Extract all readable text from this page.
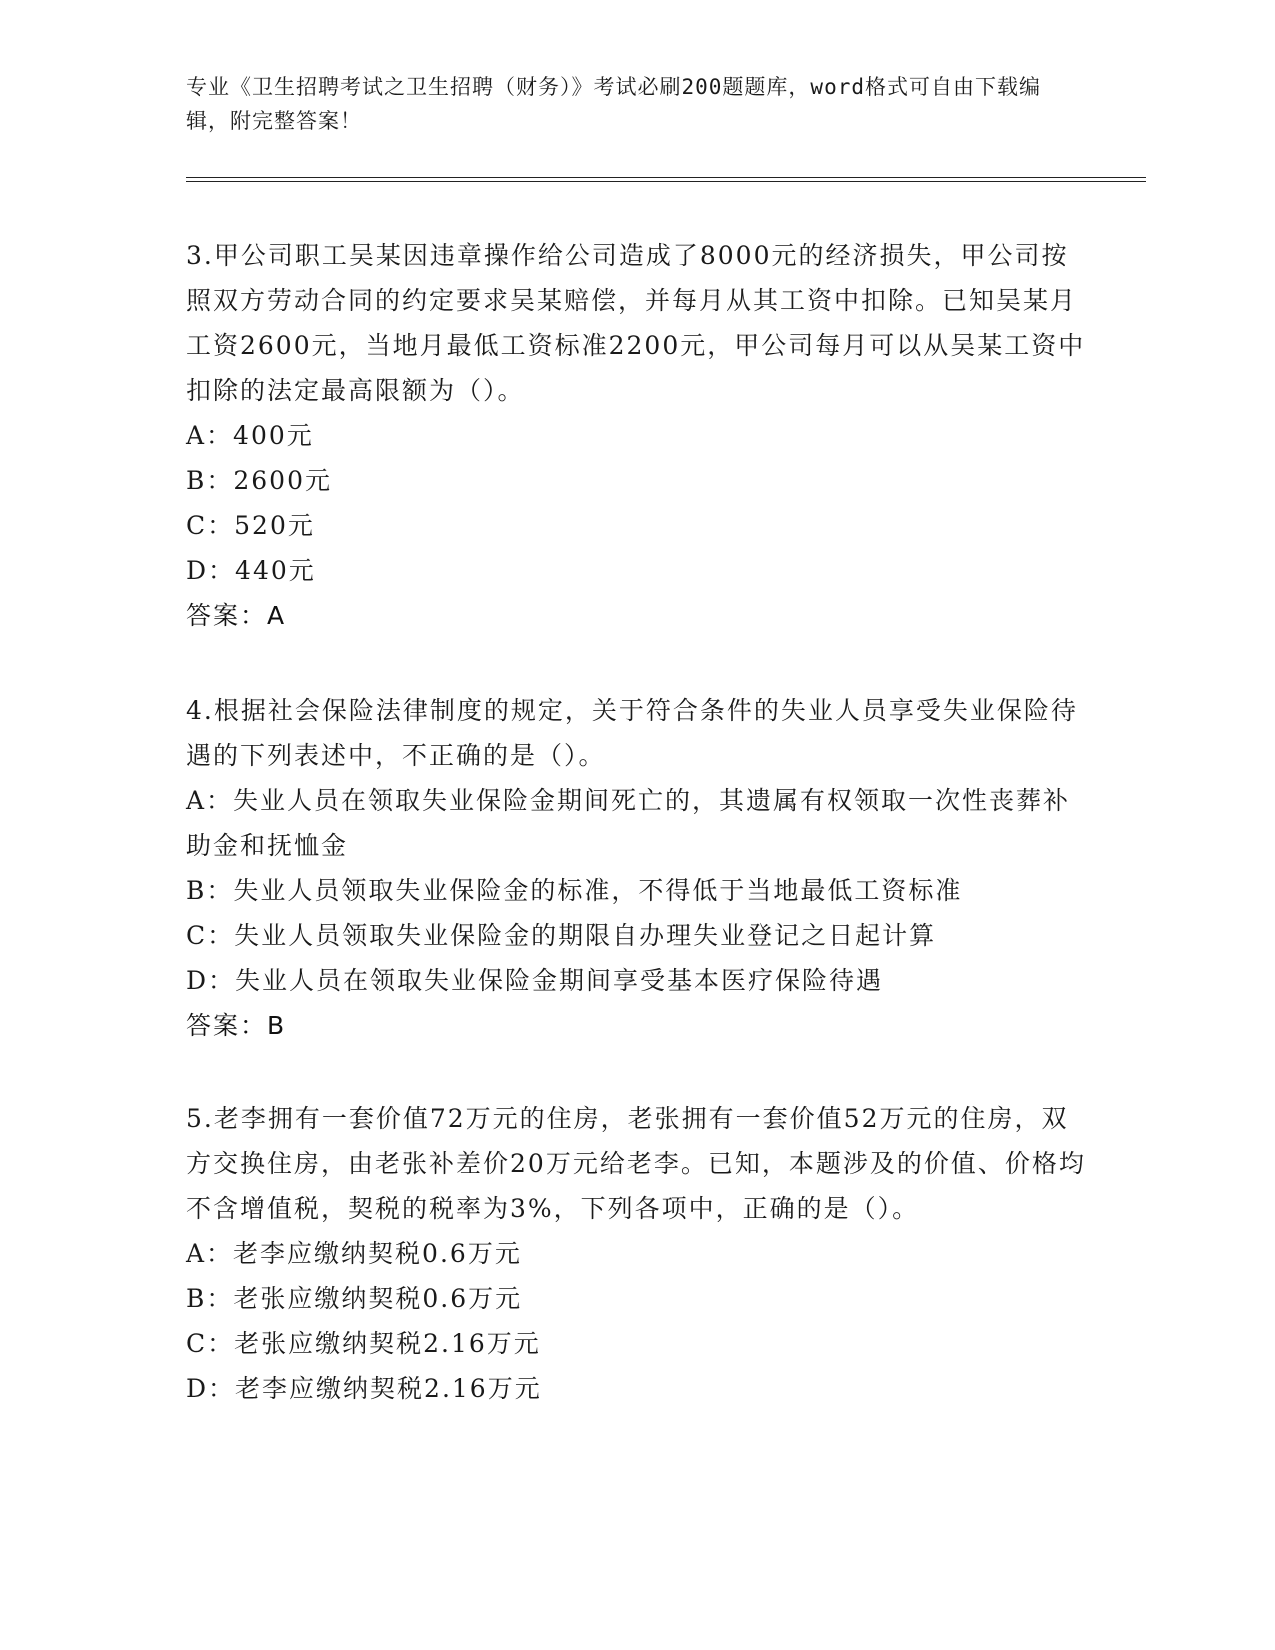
专业《卫生招聘考试之卫生招聘（财务）》考试必刷200题题库，word格式可自由下载编辑，附完整答案！
3.甲公司职工吴某因违章操作给公司造成了8000元的经济损失，甲公司按照双方劳动合同的约定要求吴某赔偿，并每月从其工资中扣除。已知吴某月工资2600元，当地月最低工资标准2200元，甲公司每月可以从吴某工资中扣除的法定最高限额为（）。
A：400元
B：2600元
C：520元
D：440元
答案：A
4.根据社会保险法律制度的规定，关于符合条件的失业人员享受失业保险待遇的下列表述中，不正确的是（）。
A：失业人员在领取失业保险金期间死亡的，其遗属有权领取一次性丧葬补助金和抚恤金
B：失业人员领取失业保险金的标准，不得低于当地最低工资标准
C：失业人员领取失业保险金的期限自办理失业登记之日起计算
D：失业人员在领取失业保险金期间享受基本医疗保险待遇
答案：B
5.老李拥有一套价值72万元的住房，老张拥有一套价值52万元的住房，双方交换住房，由老张补差价20万元给老李。已知，本题涉及的价值、价格均不含增值税，契税的税率为3%，下列各项中，正确的是（）。
A：老李应缴纳契税0.6万元
B：老张应缴纳契税0.6万元
C：老张应缴纳契税2.16万元
D：老李应缴纳契税2.16万元
